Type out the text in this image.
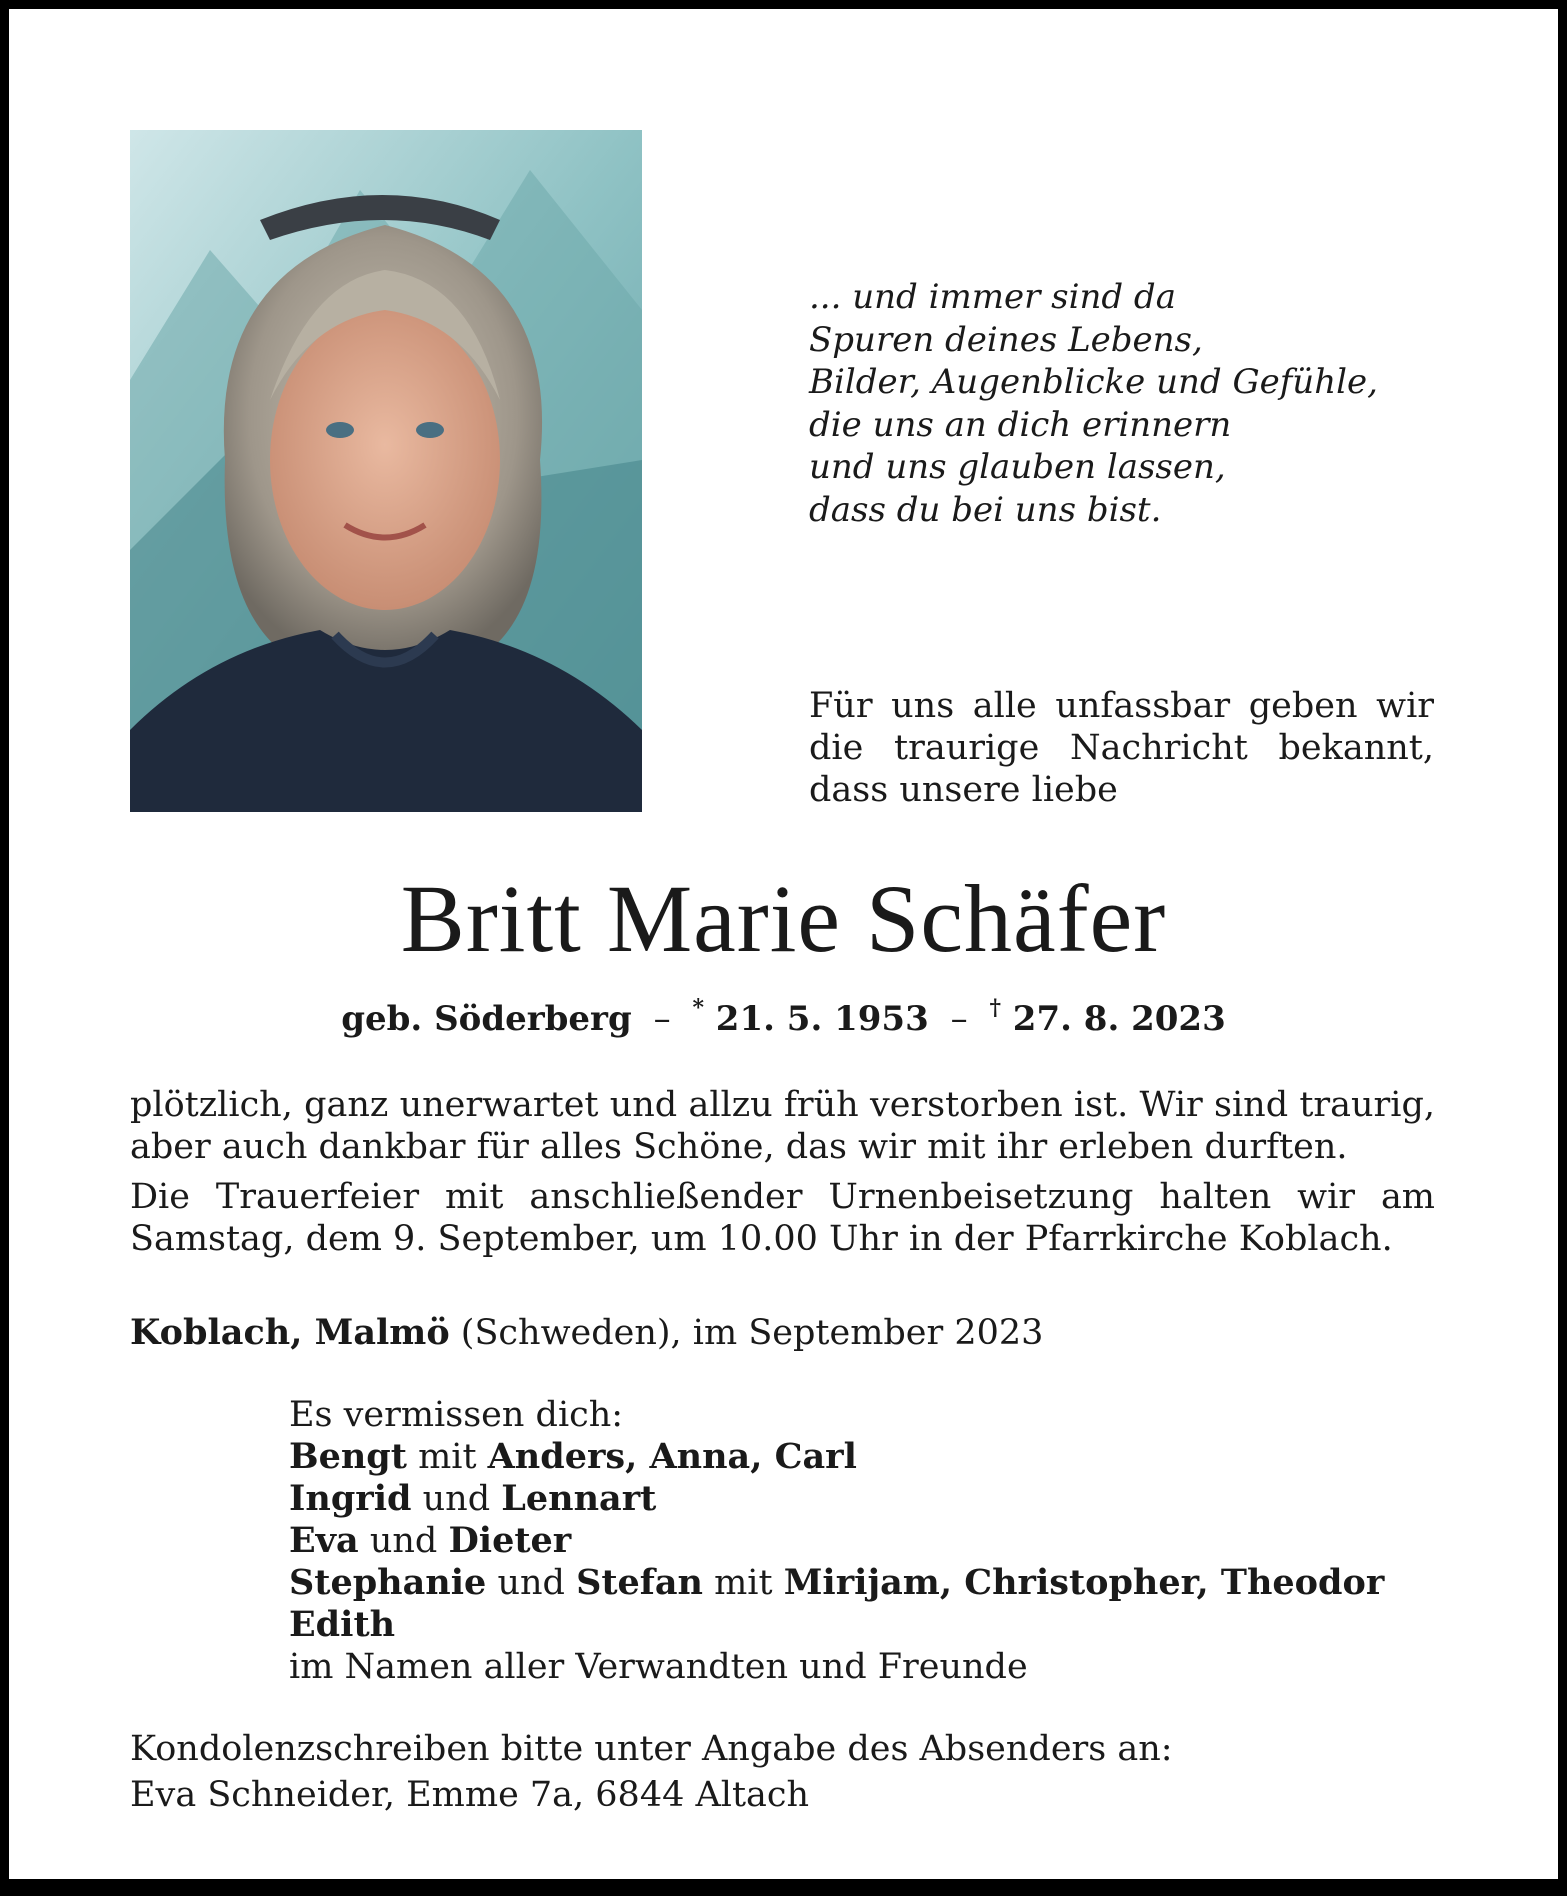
... und immer sind da
Spuren deines Lebens,
Bilder, Augenblicke und Gefühle,
die uns an dich erinnern
und uns glauben lassen,
dass du bei uns bist.
Für uns alle unfassbar geben wir die traurige Nachricht bekannt, dass unsere liebe
Britt Marie Schäfer
geb. Söderberg – * 21. 5. 1953 – † 27. 8. 2023

plötzlich, ganz unerwartet und allzu früh verstorben ist. Wir sind traurig, aber auch dankbar für alles Schöne, das wir mit ihr erleben durften.

Die Trauerfeier mit anschließender Urnenbeisetzung halten wir am Samstag, dem 9. September, um 10.00 Uhr in der Pfarrkirche Koblach.

Koblach, Malmö (Schweden), im September 2023
Es vermissen dich:
Bengt mit Anders, Anna, Carl
Ingrid und Lennart
Eva und Dieter
Stephanie und Stefan mit Mirijam, Christopher, Theodor
Edith
im Namen aller Verwandten und Freunde
Kondolenzschreiben bitte unter Angabe des Absenders an:
Eva Schneider, Emme 7a, 6844 Altach
